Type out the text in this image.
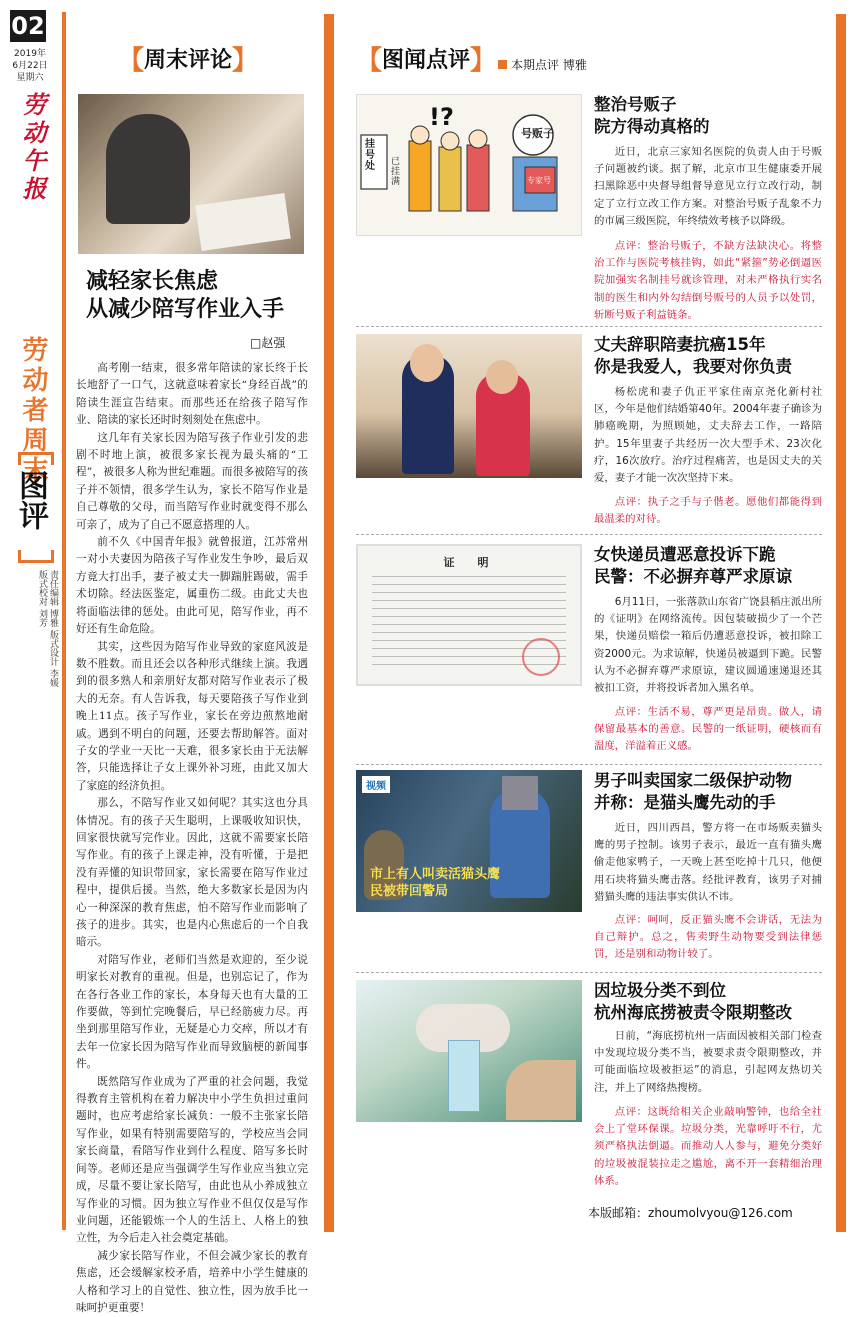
02
2019年
6月22日
星期六
劳动午报
劳动者周末
图评
责任编辑 博雅 版式设计 李媛 版式校对 刘芳
【 周末评论 】
减轻家长焦虑
从减少陪写作业入手
□赵强

高考刚一结束，很多常年陪读的家长终于长长地舒了一口气，这就意味着家长“身经百战”的陪读生涯宣告结束。而那些还在给孩子陪写作业、陪读的家长还时时刻刻处在焦虑中。

这几年有关家长因为陪写孩子作业引发的悲剧不时地上演，被很多家长视为最头痛的“工程”，被很多人称为世纪难题。而很多被陪写的孩子并不领情，很多学生认为，家长不陪写作业是自己尊敬的父母，而当陪写作业时就变得不那么可亲了，成为了自己不愿意搭理的人。

前不久《中国青年报》就曾报道，江苏常州一对小夫妻因为陪孩子写作业发生争吵，最后双方竟大打出手，妻子被丈夫一脚踹脏踢破，需手术切除。经法医鉴定，属重伤二级。由此丈夫也将面临法律的惩处。由此可见，陪写作业，再不好还有生命危险。

其实，这些因为陪写作业导致的家庭风波是数不胜数。而且还会以各种形式继续上演。我遇到的很多熟人和亲朋好友都对陪写作业表示了极大的无奈。有人告诉我，每天要陪孩子写作业到晚上11点。孩子写作业，家长在旁边煎熬地耐戚。遇到不明白的问题，还要去帮助解答。面对子女的学业一天比一天难，很多家长由于无法解答，只能选择让子女上课外补习班，由此又加大了家庭的经济负担。

那么，不陪写作业又如何呢？其实这也分具体情况。有的孩子天生聪明，上课吸收知识快，回家很快就写完作业。因此，这就不需要家长陪写作业。有的孩子上课走神，没有听懂，于是把没有弄懂的知识带回家，家长需要在陪写作业过程中，提供后援。当然，绝大多数家长是因为内心一种深深的教育焦虑，怕不陪写作业而影响了孩子的进步。其实，也是内心焦虑后的一个自我暗示。

对陪写作业，老师们当然是欢迎的，至少说明家长对教育的重视。但是，也别忘记了，作为在各行各业工作的家长，本身每天也有大量的工作要做，等到忙完晚餐后，早已经筋疲力尽。再坐到那里陪写作业，无疑是心力交瘁，所以才有去年一位家长因为陪写作业而导致脑梗的新闻事件。

既然陪写作业成为了严重的社会问题，我觉得教育主管机构在着力解决中小学生负担过重问题时，也应考虑给家长减负：一般不主张家长陪写作业，如果有特别需要陪写的，学校应当会同家长商量，看陪写作业到什么程度、陪写多长时间等。老师还是应当强调学生写作业应当独立完成，尽量不要让家长陪写，由此也从小养成独立写作业的习惯。因为独立写作业不但仅仅是写作业问题，还能锻炼一个人的生活上、人格上的独立性，为今后走入社会奠定基础。

减少家长陪写作业，不但会减少家长的教育焦虑，还会缓解家校矛盾，培养中小学生健康的人格和学习上的自觉性、独立性，因为放手比一味呵护更重要！

【 图闻点评 】	本期点评 博雅
!?
挂号处	已挂满
号贩子
专家号
整治号贩子
院方得动真格的

近日，北京三家知名医院的负责人由于号贩子问题被约谈。据了解，北京市卫生健康委开展扫黑除恶中央督导组督导意见立行立改行动，制定了立行立改工作方案。对整治号贩子乱象不力的市属三级医院，年终绩效考核予以降级。

点评：整治号贩子，不缺方法缺决心。将整治工作与医院考核挂钩，如此“紧箍”势必倒逼医院加强实名制挂号就诊管理，对未严格执行实名制的医生和内外勾结倒号贩号的人员予以处罚，斩断号贩子利益链条。

丈夫辞职陪妻抗癌15年
你是我爱人，我要对你负责

杨松虎和妻子仇正平家住南京尧化新村社区，今年是他们结婚第40年。2004年妻子确诊为肺癌晚期，为照顾她，丈夫辞去工作，一路陪护。15年里妻子共经历一次大型手术、23次化疗，16次放疗。治疗过程痛苦，也是因丈夫的关爱，妻子才能一次次坚持下来。

点评：执子之手与子偕老。愿他们都能得到最温柔的对待。

证　明	女快递员遭恶意投诉下跪
民警：不必摒弃尊严求原谅

6月11日，一张落款山东省广饶县稻庄派出所的《证明》在网络流传。因包装破损少了一个芒果，快递员赔偿一箱后仍遭恶意投诉，被扣除工资2000元。为求谅解，快递员被逼到下跪。民警认为不必摒弃尊严求原谅，建议圆通速递退还其被扣工资，并将投诉者加入黑名单。

点评：生活不易，尊严更是昂贵。做人，请保留最基本的善意。民警的一纸证明，硬核而有温度，洋溢着正义感。

视频
市上有人叫卖活猫头鹰
民被带回警局
男子叫卖国家二级保护动物
并称：是猫头鹰先动的手

近日，四川西昌，警方将一在市场贩卖猫头鹰的男子控制。该男子表示，最近一直有猫头鹰偷走他家鸭子，一天晚上甚至吃掉十几只，他便用石块将猫头鹰击落。经批评教育，该男子对捕猎猫头鹰的违法事实供认不讳。

点评：呵呵，反正猫头鹰不会讲话，无法为自己辩护。总之，售卖野生动物要受到法律惩罚，还是别和动物计较了。

因垃圾分类不到位
杭州海底捞被责令限期整改

日前，“海底捞杭州一店面因被相关部门检查中发现垃圾分类不当，被要求责令限期整改，并可能面临垃圾被拒运”的消息，引起网友热切关注，并上了网络热搜榜。

点评：这既给相关企业敲响警钟，也给全社会上了堂环保课。垃圾分类，光靠呼吁不行，尤须严格执法倒逼。而推动人人参与，避免分类好的垃圾被混装拉走之尴尬，离不开一套精细治理体系。

本版邮箱：zhoumolvyou@126.com
